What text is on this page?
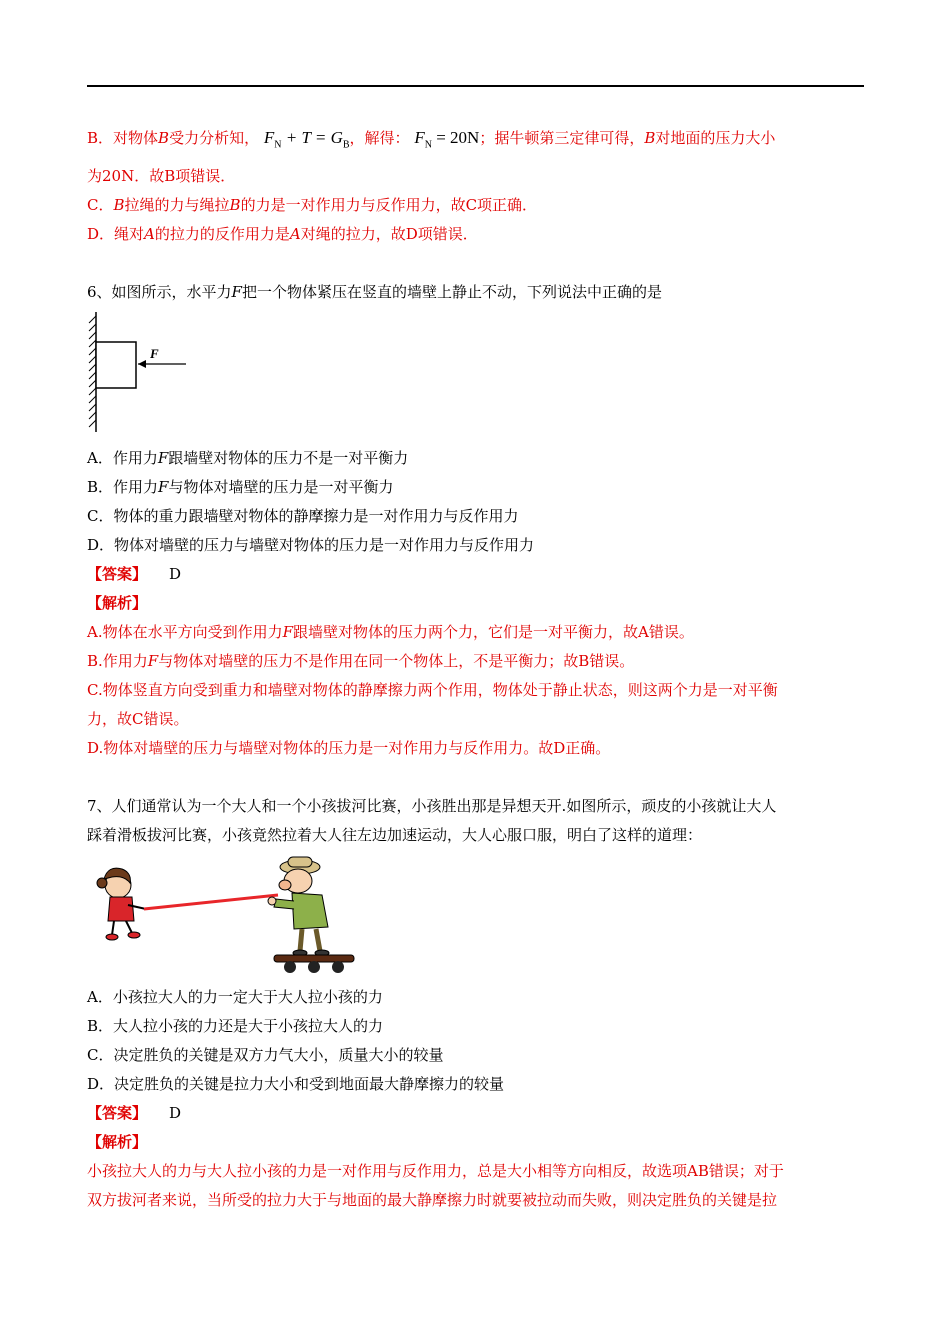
B．对物体B受力分析知， $F_N + T = G_B$，解得： $F_N = 20N$；据牛顿第三定律可得，B对地面的压力大小
为20N．故B项错误．
C．B拉绳的力与绳拉B的力是一对作用力与反作用力，故C项正确．
D．绳对A的拉力的反作用力是A对绳的拉力，故D项错误．
6、如图所示，水平力F把一个物体紧压在竖直的墙壁上静止不动，下列说法中正确的是
F
A．作用力F跟墙壁对物体的压力不是一对平衡力
B．作用力F与物体对墙壁的压力是一对平衡力
C．物体的重力跟墙壁对物体的静摩擦力是一对作用力与反作用力
D．物体对墙壁的压力与墙壁对物体的压力是一对作用力与反作用力
【答案】 D
【解析】
A.物体在水平方向受到作用力F跟墙壁对物体的压力两个力，它们是一对平衡力，故A错误。
B.作用力F与物体对墙壁的压力不是作用在同一个物体上，不是平衡力；故B错误。
C.物体竖直方向受到重力和墙壁对物体的静摩擦力两个作用，物体处于静止状态，则这两个力是一对平衡
力，故C错误。
D.物体对墙壁的压力与墙壁对物体的压力是一对作用力与反作用力。故D正确。
7、人们通常认为一个大人和一个小孩拔河比赛，小孩胜出那是异想天开.如图所示，顽皮的小孩就让大人
踩着滑板拔河比赛，小孩竟然拉着大人往左边加速运动，大人心服口服，明白了这样的道理：
A．小孩拉大人的力一定大于大人拉小孩的力
B．大人拉小孩的力还是大于小孩拉大人的力
C．决定胜负的关键是双方力气大小，质量大小的较量
D．决定胜负的关键是拉力大小和受到地面最大静摩擦力的较量
【答案】 D
【解析】
小孩拉大人的力与大人拉小孩的力是一对作用与反作用力，总是大小相等方向相反，故选项AB错误；对于
双方拔河者来说，当所受的拉力大于与地面的最大静摩擦力时就要被拉动而失败，则决定胜负的关键是拉
